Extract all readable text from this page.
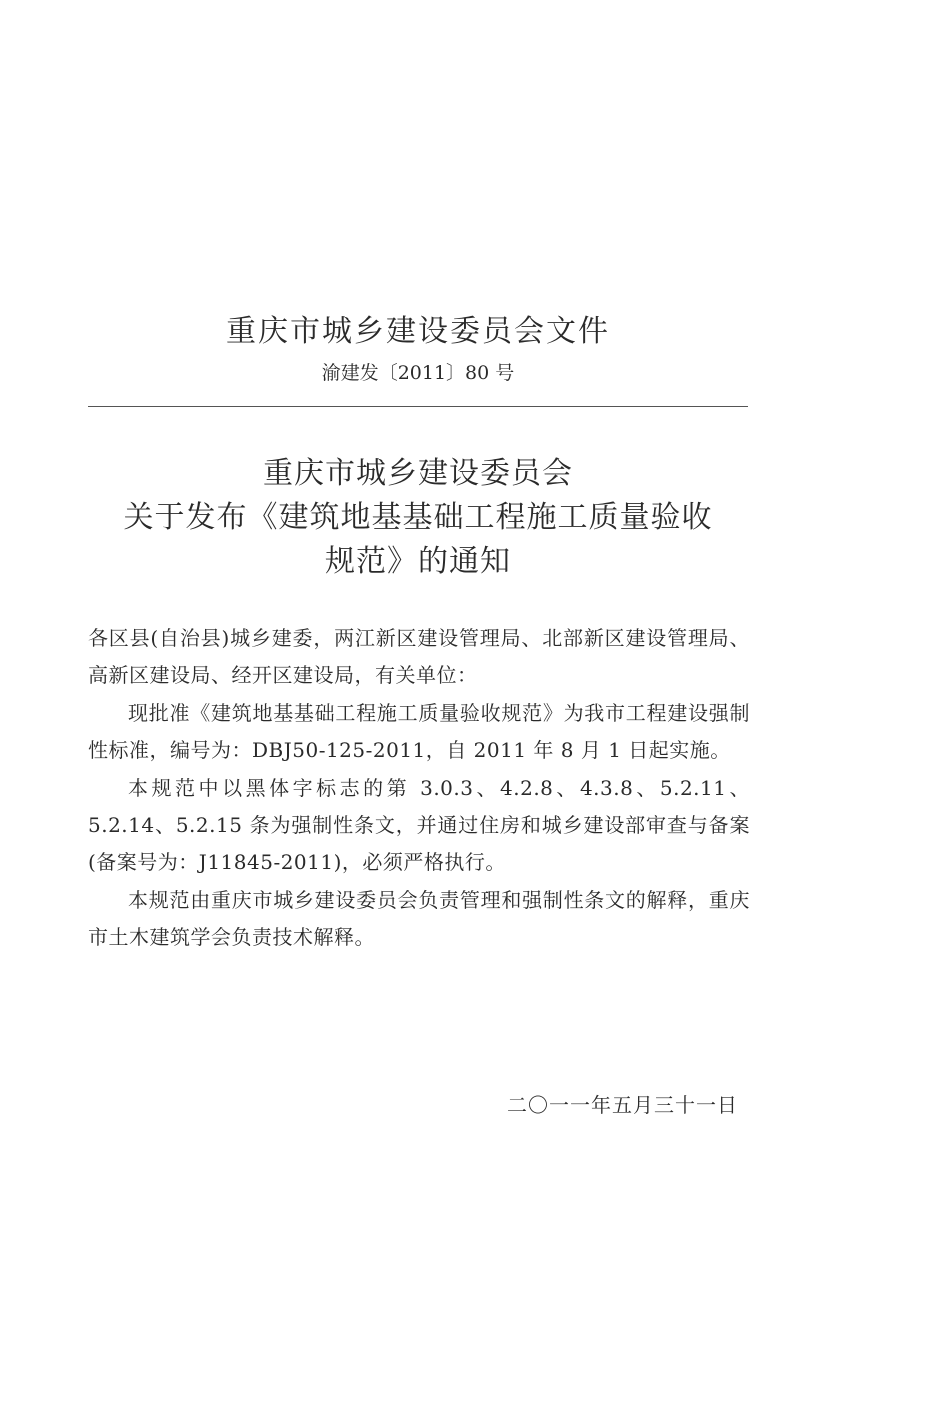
重庆市城乡建设委员会文件
渝建发〔2011〕80 号
重庆市城乡建设委员会
关于发布《建筑地基基础工程施工质量验收
规范》的通知

各区县(自治县)城乡建委，两江新区建设管理局、北部新区建设管理局、高新区建设局、经开区建设局，有关单位：

现批准《建筑地基基础工程施工质量验收规范》为我市工程建设强制性标准，编号为：DBJ50-125-2011，自 2011 年 8 月 1 日起实施。

本规范中以黑体字标志的第 3.0.3、4.2.8、4.3.8、5.2.11、5.2.14、5.2.15 条为强制性条文，并通过住房和城乡建设部审查与备案(备案号为：J11845-2011)，必须严格执行。

本规范由重庆市城乡建设委员会负责管理和强制性条文的解释，重庆市土木建筑学会负责技术解释。

二〇一一年五月三十一日
